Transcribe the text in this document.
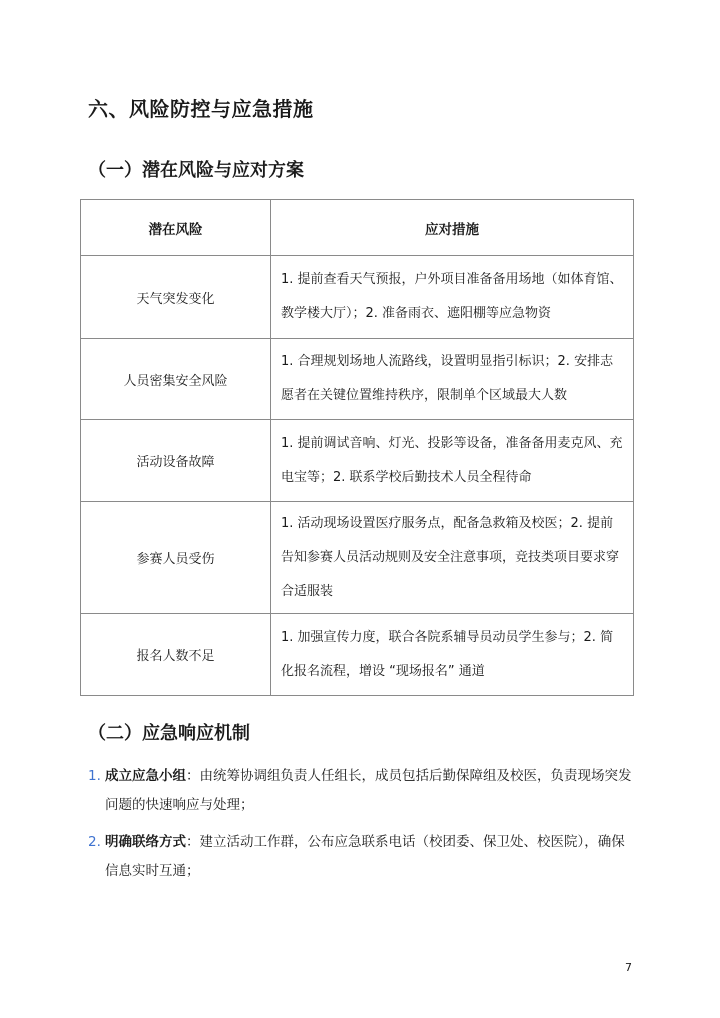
六、风险防控与应急措施
（一）潜在风险与应对方案
潜在风险	应对措施
天气突发变化	1. 提前查看天气预报，户外项目准备备用场地（如体育馆、
教学楼大厅）；2. 准备雨衣、遮阳棚等应急物资

人员密集安全风险	1. 合理规划场地人流路线，设置明显指引标识；2. 安排志
愿者在关键位置维持秩序，限制单个区域最大人数

活动设备故障	1. 提前调试音响、灯光、投影等设备，准备备用麦克风、充
电宝等；2. 联系学校后勤技术人员全程待命

参赛人员受伤	1. 活动现场设置医疗服务点，配备急救箱及校医；2. 提前
告知参赛人员活动规则及安全注意事项，竞技类项目要求穿
合适服装

报名人数不足	1. 加强宣传力度，联合各院系辅导员动员学生参与；2. 简
化报名流程，增设 “现场报名” 通道
（二）应急响应机制
1. 成立应急小组：由统筹协调组负责人任组长，成员包括后勤保障组及校医，负责现场突发
问题的快速响应与处理；
2. 明确联络方式：建立活动工作群，公布应急联系电话（校团委、保卫处、校医院），确保
信息实时互通；
7
